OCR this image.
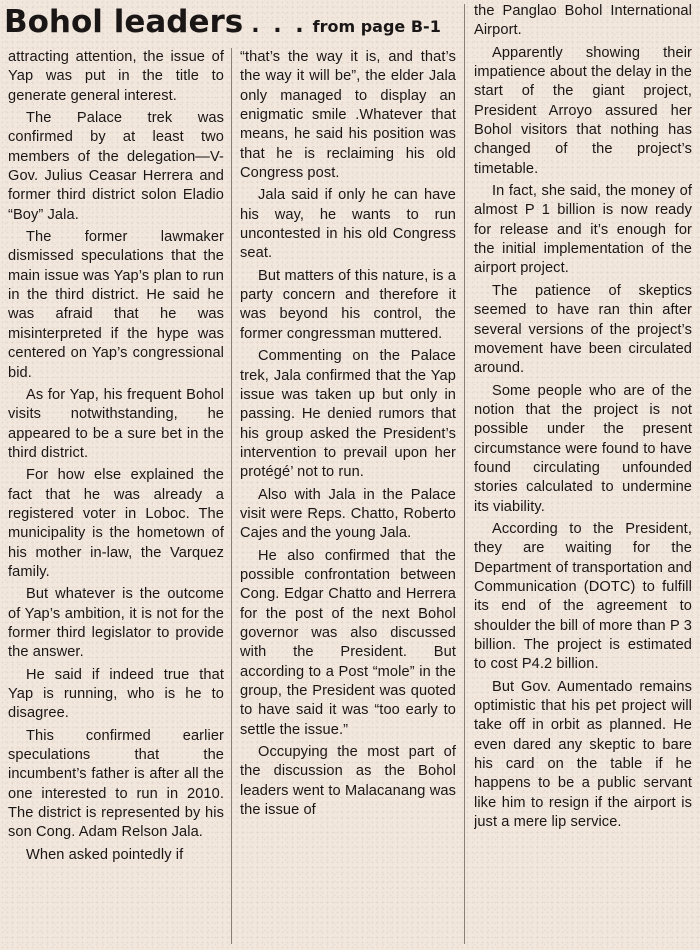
Bohol leaders . . . from page B-1

attracting attention, the issue of Yap was put in the title to generate general interest.

The Palace trek was confirmed by at least two members of the delegation—V-Gov. Julius Ceasar Herrera and former third district solon Eladio “Boy” Jala.

The former lawmaker dismissed speculations that the main issue was Yap’s plan to run in the third district. He said he was afraid that he was misinterpreted if the hype was centered on Yap’s congressional bid.

As for Yap, his frequent Bohol visits notwithstanding, he appeared to be a sure bet in the third district.

For how else explained the fact that he was already a registered voter in Loboc. The municipality is the hometown of his mother in-law, the Varquez family.

But whatever is the outcome of Yap’s ambition, it is not for the former third legislator to provide the answer.

He said if indeed true that Yap is running, who is he to disagree.

This confirmed earlier speculations that the incumbent’s father is after all the one interested to run in 2010. The district is represented by his son Cong. Adam Relson Jala.

When asked pointedly if

“that’s the way it is, and that’s the way it will be”, the elder Jala only managed to display an enigmatic smile .Whatever that means, he said his position was that he is reclaiming his old Congress post.

Jala said if only he can have his way, he wants to run uncontested in his old Congress seat.

But matters of this nature, is a party concern and therefore it was beyond his control, the former congressman muttered.

Commenting on the Palace trek, Jala confirmed that the Yap issue was taken up but only in passing. He denied rumors that his group asked the President’s intervention to prevail upon her protégé’ not to run.

Also with Jala in the Palace visit were Reps. Chatto, Roberto Cajes and the young Jala.

He also confirmed that the possible confrontation between Cong. Edgar Chatto and Herrera for the post of the next Bohol governor was also discussed with the President. But according to a Post “mole” in the group, the President was quoted to have said it was “too early to settle the issue.”

Occupying the most part of the discussion as the Bohol leaders went to Malacanang was the issue of

the Panglao Bohol International Airport.

Apparently showing their impatience about the delay in the start of the giant project, President Arroyo assured her Bohol visitors that nothing has changed of the project’s timetable.

In fact, she said, the money of almost P 1 billion is now ready for release and it’s enough for the initial implementation of the airport project.

The patience of skeptics seemed to have ran thin after several versions of the project’s movement have been circulated around.

Some people who are of the notion that the project is not possible under the present circumstance were found to have found circulating unfounded stories calculated to undermine its viability.

According to the President, they are waiting for the Department of transportation and Communication (DOTC) to fulfill its end of the agreement to shoulder the bill of more than P 3 billion. The project is estimated to cost P4.2 billion.

But Gov. Aumentado remains optimistic that his pet project will take off in orbit as planned. He even dared any skeptic to bare his card on the table if he happens to be a public servant like him to resign if the airport is just a mere lip service.
